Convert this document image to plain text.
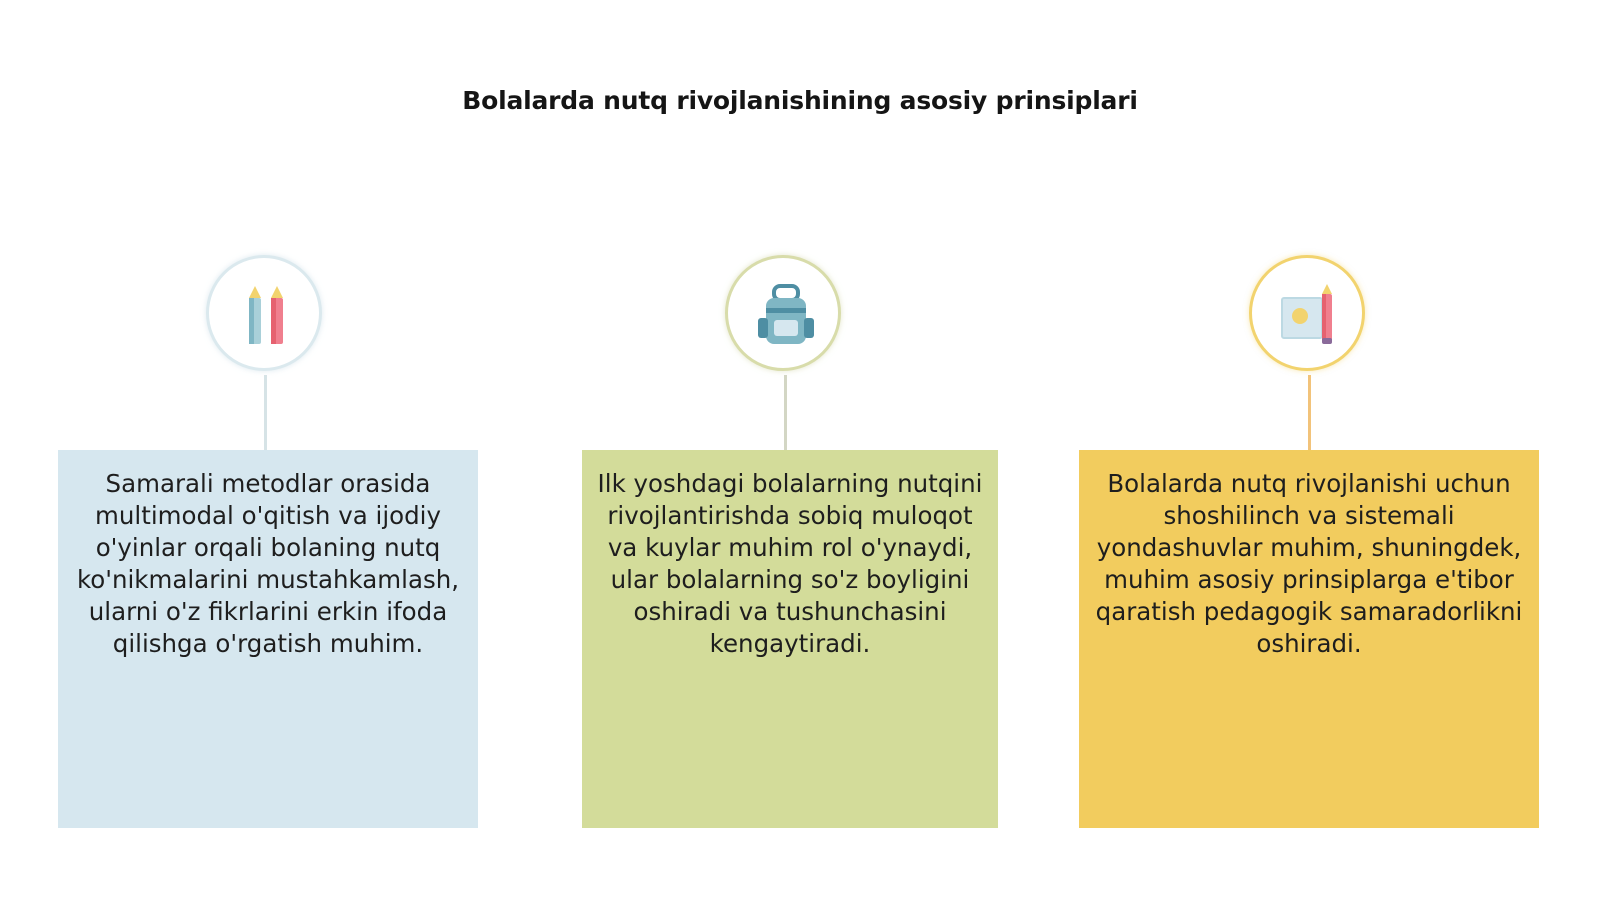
Bolalarda nutq rivojlanishining asosiy prinsiplari
Samarali metodlar orasida multimodal o'qitish va ijodiy o'yinlar orqali bolaning nutq ko'nikmalarini mustahkamlash, ularni o'z fikrlarini erkin ifoda qilishga o'rgatish muhim.
Ilk yoshdagi bolalarning nutqini rivojlantirishda sobiq muloqot va kuylar muhim rol o'ynaydi, ular bolalarning so'z boyligini oshiradi va tushunchasini kengaytiradi.
Bolalarda nutq rivojlanishi uchun shoshilinch va sistemali yondashuvlar muhim, shuningdek, muhim asosiy prinsiplarga e'tibor qaratish pedagogik samaradorlikni oshiradi.
